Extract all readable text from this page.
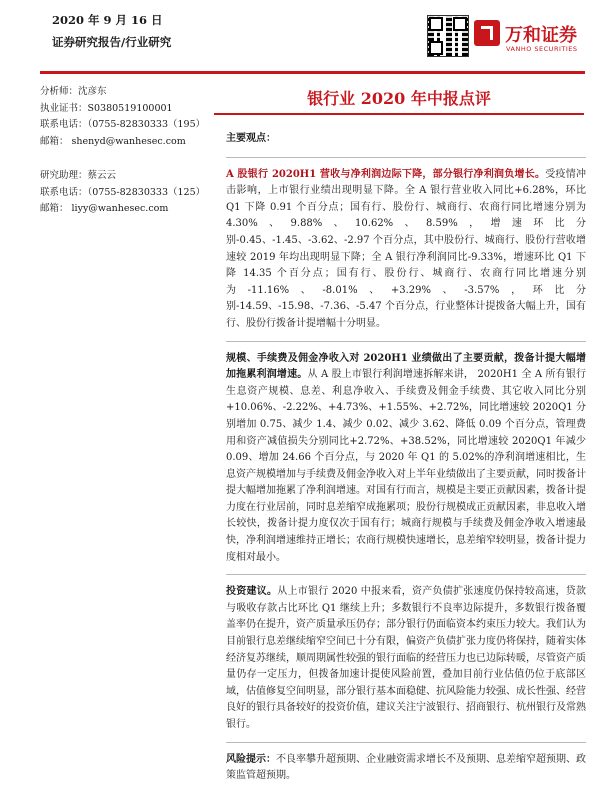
2020 年 9 月 16 日
证券研究报告/行业研究	万和证券
VANHO SECURITIES
分析师：沈彦东
执业证书：S0380519100001
联系电话：（0755-82830333（195）
邮箱： shenyd@wanhesec.com
研究助理：蔡云云
联系电话：（0755-82830333（125）
邮箱： liyy@wanhesec.com
银行业 2020 年中报点评
主要观点：

A 股银行 2020H1 营收与净利润边际下降，部分银行净利润负增长。受疫情冲击影响，上市银行业绩出现明显下降。全 A 银行营业收入同比+6.28%，环比 Q1 下降 0.91 个百分点；国有行、股份行、城商行、农商行同比增速分别为 4.30%、9.88%、10.62%、8.59%，增速环比分别-0.45、-1.45、-3.62、-2.97 个百分点，其中股份行、城商行、股份行营收增速较 2019 年均出现明显下降；全 A 银行净利润同比-9.33%，增速环比 Q1 下降 14.35 个百分点；国有行、股份行、城商行、农商行同比增速分别为-11.16%、-8.01%、+3.29%、-3.57%，环比分别-14.59、-15.98、-7.36、-5.47 个百分点，行业整体计提拨备大幅上升，国有行、股份行拨备计提增幅十分明显。

规模、手续费及佣金净收入对 2020H1 业绩做出了主要贡献，拨备计提大幅增加拖累利润增速。从 A 股上市银行利润增速拆解来讲， 2020H1 全 A 所有银行生息资产规模、息差、利息净收入、手续费及佣金手续费、其它收入同比分别+10.06%、-2.22%、+4.73%、+1.55%、+2.72%，同比增速较 2020Q1 分别增加 0.75、减少 1.4、减少 0.02、减少 3.62、降低 0.09 个百分点，管理费用和资产减值损失分别同比+2.72%、+38.52%，同比增速较 2020Q1 年减少 0.09、增加 24.66 个百分点，与 2020 年 Q1 的 5.02%的净利润增速相比，生息资产规模增加与手续费及佣金净收入对上半年业绩做出了主要贡献，同时拨备计提大幅增加拖累了净利润增速。对国有行而言，规模是主要正贡献因素，拨备计提力度在行业居前，同时息差缩窄成拖累项；股份行规模成正贡献因素，非息收入增长较快，拨备计提力度仅次于国有行；城商行规模与手续费及佣金净收入增速最快，净利润增速维持正增长；农商行规模快速增长，息差缩窄较明显，拨备计提力度相对最小。

投资建议。从上市银行 2020 中报来看，资产负债扩张速度仍保持较高速，贷款与吸收存款占比环比 Q1 继续上升；多数银行不良率边际提升，多数银行拨备覆盖率仍在提升，资产质量承压仍存；部分银行仍面临资本约束压力较大。我们认为目前银行息差继续缩窄空间已十分有限，偏资产负债扩张力度仍将保持，随着实体经济复苏继续，顺周期属性较强的银行面临的经营压力也已边际转暖，尽管资产质量仍存一定压力，但拨备加速计提使风险前置，叠加目前行业估值仍位于底部区域，估值修复空间明显，部分银行基本面稳健、抗风险能力较强、成长性强、经营良好的银行具备较好的投资价值，建议关注宁波银行、招商银行、杭州银行及常熟银行。

风险提示：不良率攀升超预期、企业融资需求增长不及预期、息差缩窄超预期、政策监管超预期。
